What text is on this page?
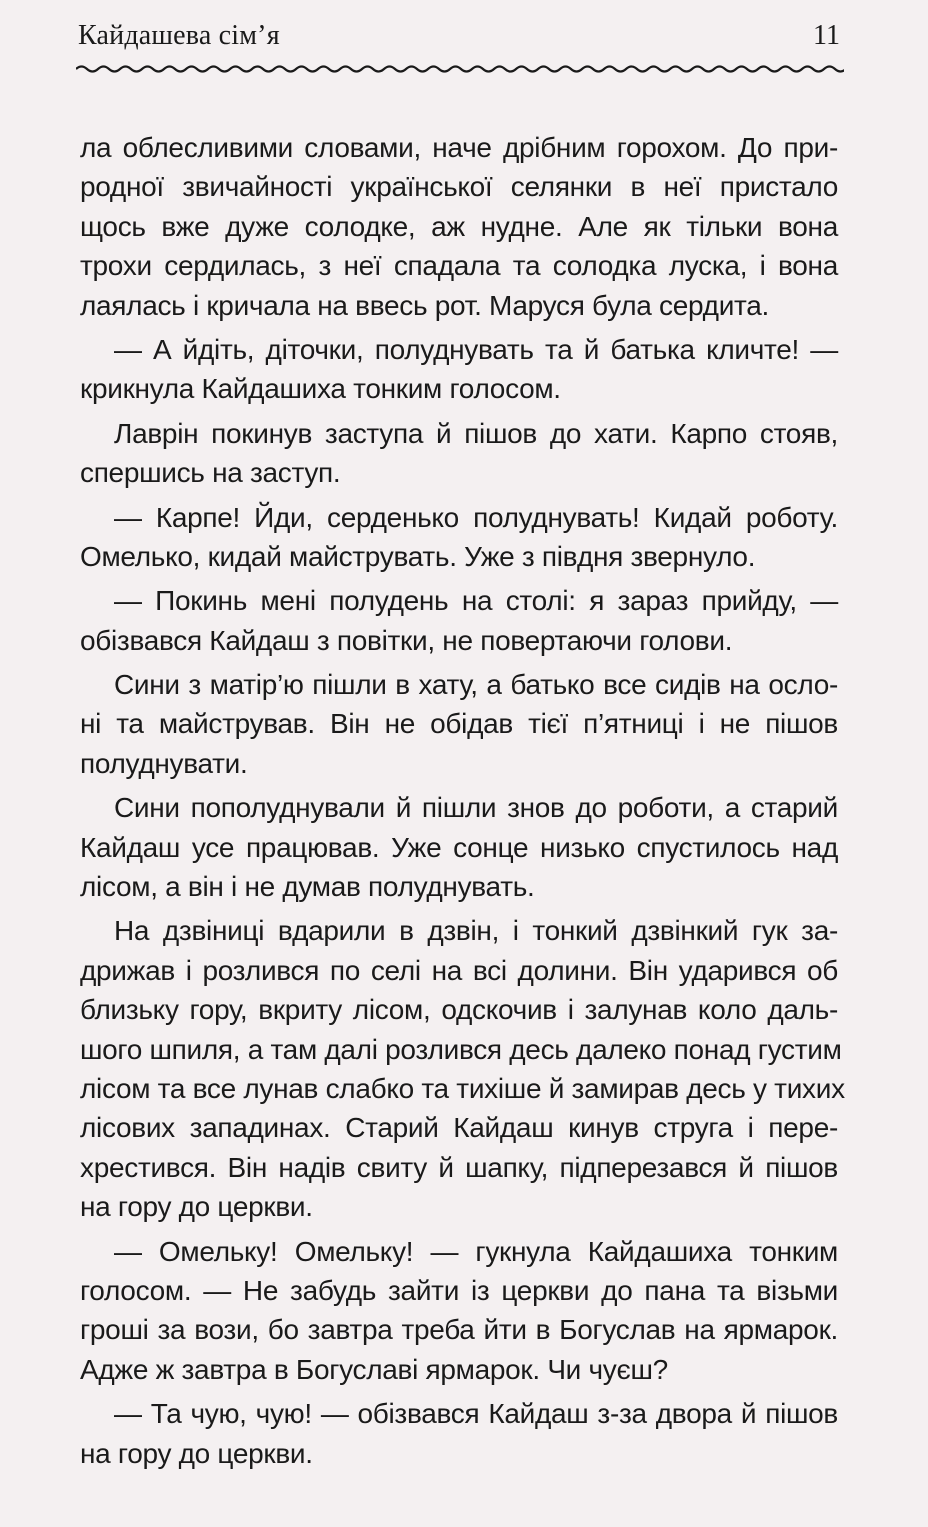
Кайдашева сім’я	11

ла облесливими словами, наче дрібним горохом. До при-
родної звичайності української селянки в неї пристало
щось вже дуже солодке, аж нудне. Але як тільки вона
трохи сердилась, з неї спадала та солодка луска, і вона
лаялась і кричала на ввесь рот. Маруся була сердита.

— А йдіть, діточки, полуднувать та й батька кличте! —
крикнула Кайдашиха тонким голосом.

Лаврін покинув заступа й пішов до хати. Карпо стояв,
спершись на заступ.

— Карпе! Йди, серденько полуднувать! Кидай роботу.
Омелько, кидай майструвать. Уже з півдня звернуло.

— Покинь мені полудень на столі: я зараз прийду, —
обізвався Кайдаш з повітки, не повертаючи голови.

Сини з матір’ю пішли в хату, а батько все сидів на осло-
ні та майстрував. Він не обідав тієї п’ятниці і не пішов
полуднувати.

Сини пополуднували й пішли знов до роботи, а старий
Кайдаш усе працював. Уже сонце низько спустилось над
лісом, а він і не думав полуднувать.

На дзвіниці вдарили в дзвін, і тонкий дзвінкий гук за-
дрижав і розлився по селі на всі долини. Він ударився об
близьку гору, вкриту лісом, одскочив і залунав коло даль-
шого шпиля, а там далі розлився десь далеко понад густим
лісом та все лунав слабко та тихіше й замирав десь у тихих
лісових западинах. Старий Кайдаш кинув струга і пере-
хрестився. Він надів свиту й шапку, підперезався й пішов
на гору до церкви.

— Омельку! Омельку! — гукнула Кайдашиха тонким
голосом. — Не забудь зайти із церкви до пана та візьми
гроші за вози, бо завтра треба йти в Богуслав на ярмарок.
Адже ж завтра в Богуславі ярмарок. Чи чуєш?

— Та чую, чую! — обізвався Кайдаш з-за двора й пішов
на гору до церкви.
